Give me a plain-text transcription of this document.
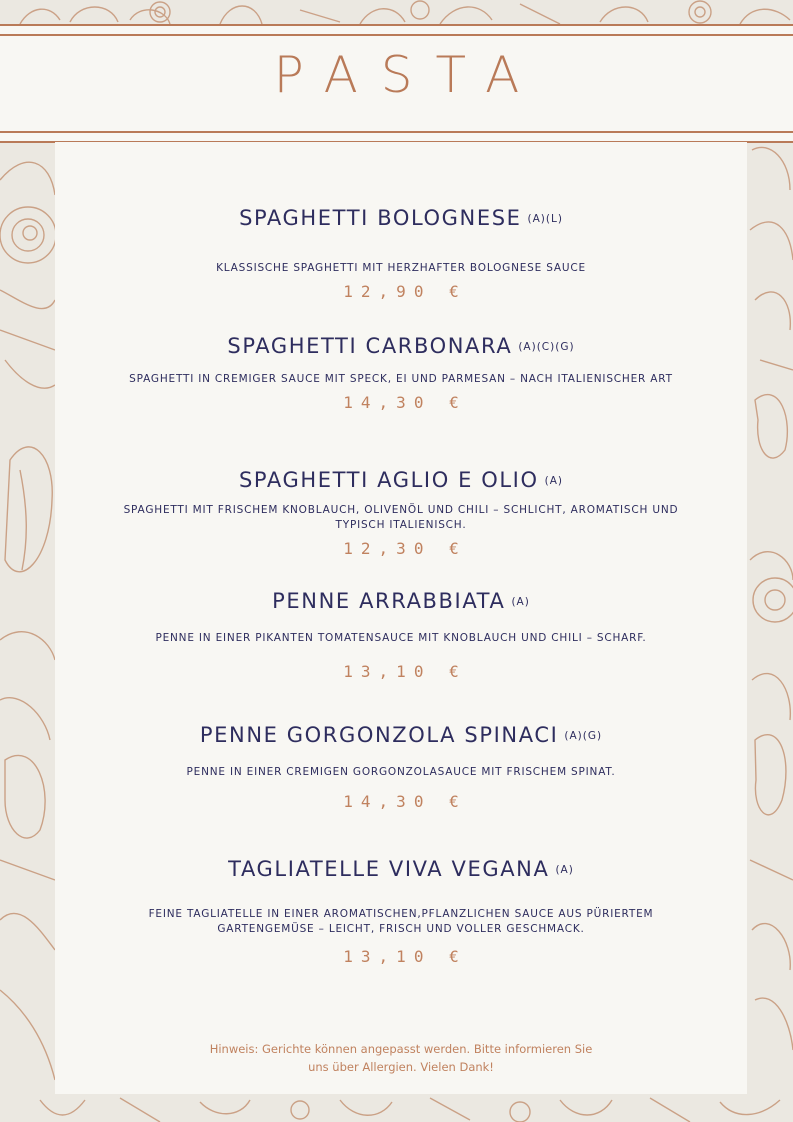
PASTA
SPAGHETTI BOLOGNESE (A)(L)
KLASSISCHE SPAGHETTI MIT HERZHAFTER BOLOGNESE SAUCE
12,90 €
SPAGHETTI CARBONARA (A)(C)(G)
SPAGHETTI IN CREMIGER SAUCE MIT SPECK, EI UND PARMESAN – NACH ITALIENISCHER ART
14,30 €
SPAGHETTI AGLIO E OLIO (A)
SPAGHETTI MIT FRISCHEM KNOBLAUCH, OLIVENÖL UND CHILI – SCHLICHT, AROMATISCH UND TYPISCH ITALIENISCH.
12,30 €
PENNE ARRABBIATA (A)
PENNE IN EINER PIKANTEN TOMATENSAUCE MIT KNOBLAUCH UND CHILI – SCHARF.
13,10 €
PENNE GORGONZOLA SPINACI (A)(G)
PENNE IN EINER CREMIGEN GORGONZOLASAUCE MIT FRISCHEM SPINAT.
14,30 €
TAGLIATELLE VIVA VEGANA (A)
FEINE TAGLIATELLE IN EINER AROMATISCHEN,PFLANZLICHEN SAUCE AUS PÜRIERTEM GARTENGEMÜSE – LEICHT, FRISCH UND VOLLER GESCHMACK.
13,10 €
Hinweis: Gerichte können angepasst werden. Bitte informieren Sie
uns über Allergien. Vielen Dank!
